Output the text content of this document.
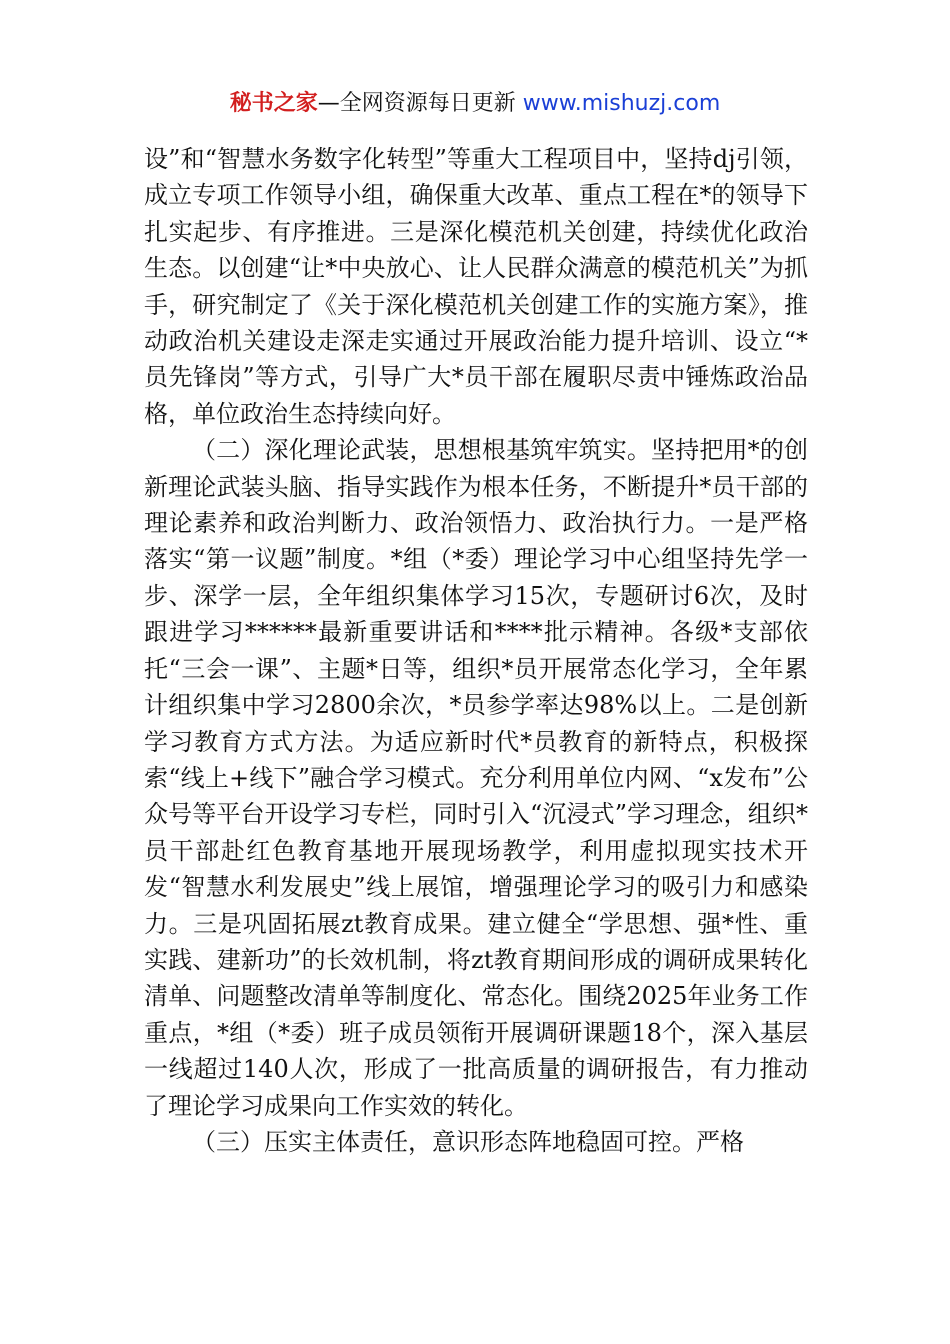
秘书之家—全网资源每日更新 www.mishuzj.com

设”和“智慧水务数字化转型”等重大工程项目中，坚持dj引领，成立专项工作领导小组，确保重大改革、重点工程在*的领导下扎实起步、有序推进。三是深化模范机关创建，持续优化政治生态。以创建“让*中央放心、让人民群众满意的模范机关”为抓手，研究制定了《关于深化模范机关创建工作的实施方案》，推动政治机关建设走深走实通过开展政治能力提升培训、设立“*员先锋岗”等方式，引导广大*员干部在履职尽责中锤炼政治品格，单位政治生态持续向好。

（二）深化理论武装，思想根基筑牢筑实。坚持把用*的创新理论武装头脑、指导实践作为根本任务，不断提升*员干部的理论素养和政治判断力、政治领悟力、政治执行力。一是严格落实“第一议题”制度。*组（*委）理论学习中心组坚持先学一步、深学一层，全年组织集体学习15次，专题研讨6次，及时跟进学习******最新重要讲话和****批示精神。各级*支部依托“三会一课”、主题*日等，组织*员开展常态化学习，全年累计组织集中学习2800余次，*员参学率达98%以上。二是创新学习教育方式方法。为适应新时代*员教育的新特点，积极探索“线上+线下”融合学习模式。充分利用单位内网、“x发布”公众号等平台开设学习专栏，同时引入“沉浸式”学习理念，组织*员干部赴红色教育基地开展现场教学，利用虚拟现实技术开发“智慧水利发展史”线上展馆，增强理论学习的吸引力和感染力。三是巩固拓展zt教育成果。建立健全“学思想、强*性、重实践、建新功”的长效机制，将zt教育期间形成的调研成果转化清单、问题整改清单等制度化、常态化。围绕2025年业务工作重点，*组（*委）班子成员领衔开展调研课题18个，深入基层一线超过140人次，形成了一批高质量的调研报告，有力推动了理论学习成果向工作实效的转化。

（三）压实主体责任，意识形态阵地稳固可控。严格
